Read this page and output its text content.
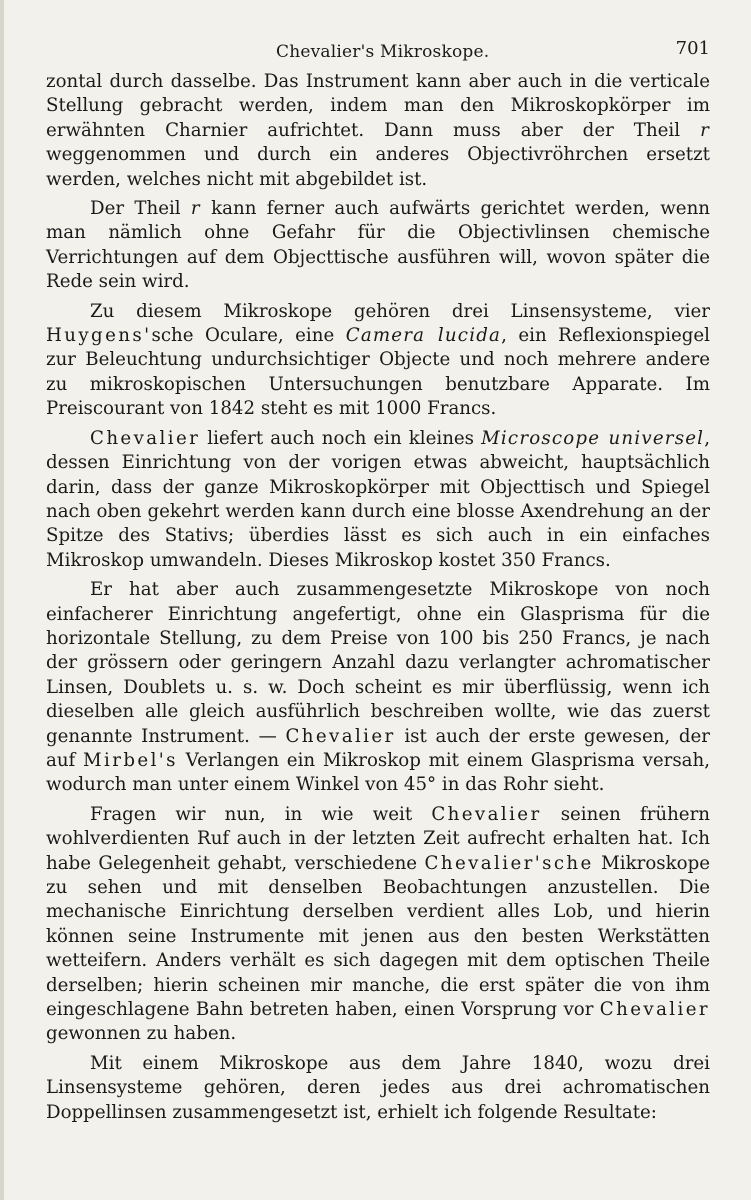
Chevalier's Mikroskope.	701

zontal durch dasselbe. Das Instrument kann aber auch in die verticale Stellung gebracht werden, indem man den Mikroskopkörper im erwähnten Charnier aufrichtet. Dann muss aber der Theil r weggenommen und durch ein anderes Objectivröhrchen ersetzt werden, welches nicht mit abgebildet ist.

Der Theil r kann ferner auch aufwärts gerichtet werden, wenn man nämlich ohne Gefahr für die Objectivlinsen chemische Verrichtungen auf dem Objecttische ausführen will, wovon später die Rede sein wird.

Zu diesem Mikroskope gehören drei Linsensysteme, vier Huygens'sche Oculare, eine Camera lucida, ein Reflexionspiegel zur Beleuchtung undurchsichtiger Objecte und noch mehrere andere zu mikroskopischen Untersuchungen benutzbare Apparate. Im Preiscourant von 1842 steht es mit 1000 Francs.

Chevalier liefert auch noch ein kleines Microscope universel, dessen Einrichtung von der vorigen etwas abweicht, hauptsächlich darin, dass der ganze Mikroskopkörper mit Objecttisch und Spiegel nach oben gekehrt werden kann durch eine blosse Axendrehung an der Spitze des Stativs; überdies lässt es sich auch in ein einfaches Mikroskop umwandeln. Dieses Mikroskop kostet 350 Francs.

Er hat aber auch zusammengesetzte Mikroskope von noch einfacherer Einrichtung angefertigt, ohne ein Glasprisma für die horizontale Stellung, zu dem Preise von 100 bis 250 Francs, je nach der grössern oder geringern Anzahl dazu verlangter achromatischer Linsen, Doublets u. s. w. Doch scheint es mir überflüssig, wenn ich dieselben alle gleich ausführlich beschreiben wollte, wie das zuerst genannte Instrument. — Chevalier ist auch der erste gewesen, der auf Mirbel's Verlangen ein Mikroskop mit einem Glasprisma versah, wodurch man unter einem Winkel von 45° in das Rohr sieht.

Fragen wir nun, in wie weit Chevalier seinen frühern wohlverdienten Ruf auch in der letzten Zeit aufrecht erhalten hat. Ich habe Gelegenheit gehabt, verschiedene Chevalier'sche Mikroskope zu sehen und mit denselben Beobachtungen anzustellen. Die mechanische Einrichtung derselben verdient alles Lob, und hierin können seine Instrumente mit jenen aus den besten Werkstätten wetteifern. Anders verhält es sich dagegen mit dem optischen Theile derselben; hierin scheinen mir manche, die erst später die von ihm eingeschlagene Bahn betreten haben, einen Vorsprung vor Chevalier gewonnen zu haben.

Mit einem Mikroskope aus dem Jahre 1840, wozu drei Linsensysteme gehören, deren jedes aus drei achromatischen Doppellinsen zusammengesetzt ist, erhielt ich folgende Resultate:
